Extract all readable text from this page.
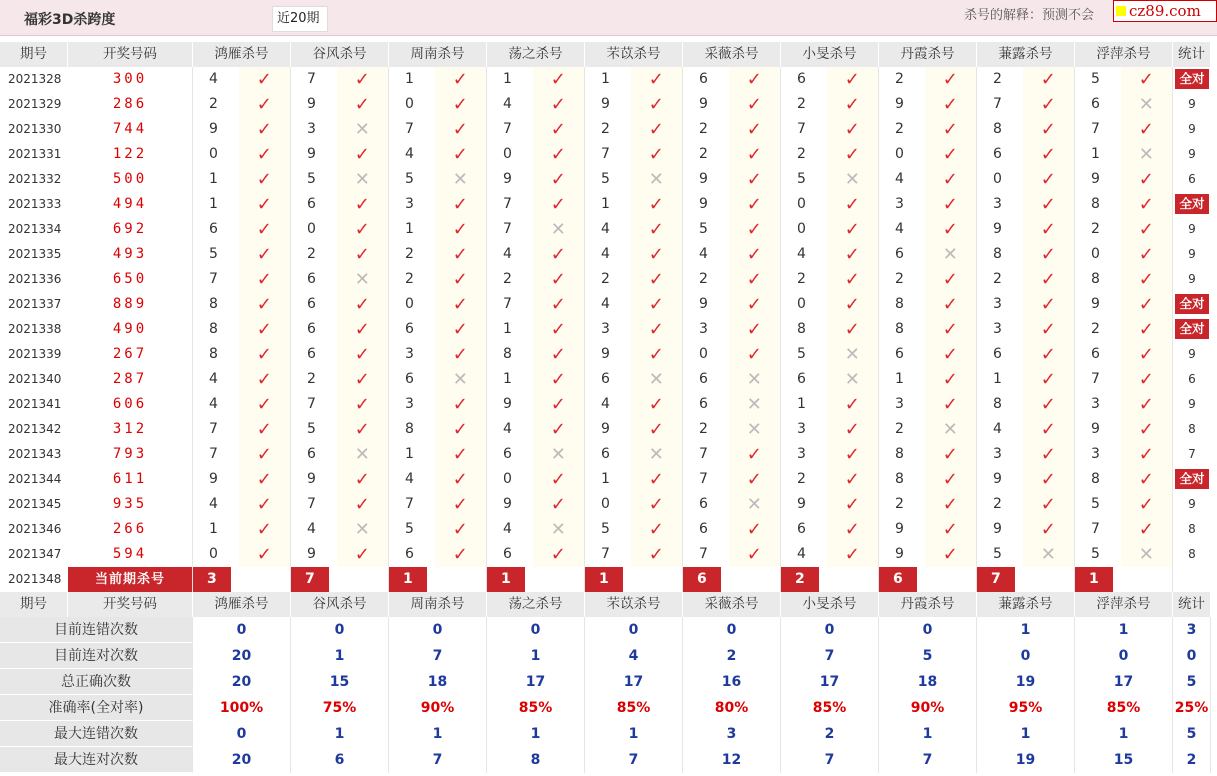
福彩3D杀跨度	近20期	杀号的解释：预测不会	cz89.com
期号	开奖号码	鸿雁杀号	谷风杀号	周南杀号	荡之杀号	芣苡杀号	采薇杀号	小旻杀号	丹霞杀号	蒹露杀号	浮萍杀号	统计
2021328	300	4	✓	7	✓	1	✓	1	✓	1	✓	6	✓	6	✓	2	✓	2	✓	5	✓	全对
2021329	286	2	✓	9	✓	0	✓	4	✓	9	✓	9	✓	2	✓	9	✓	7	✓	6	✕	9
2021330	744	9	✓	3	✕	7	✓	7	✓	2	✓	2	✓	7	✓	2	✓	8	✓	7	✓	9
2021331	122	0	✓	9	✓	4	✓	0	✓	7	✓	2	✓	2	✓	0	✓	6	✓	1	✕	9
2021332	500	1	✓	5	✕	5	✕	9	✓	5	✕	9	✓	5	✕	4	✓	0	✓	9	✓	6
2021333	494	1	✓	6	✓	3	✓	7	✓	1	✓	9	✓	0	✓	3	✓	3	✓	8	✓	全对
2021334	692	6	✓	0	✓	1	✓	7	✕	4	✓	5	✓	0	✓	4	✓	9	✓	2	✓	9
2021335	493	5	✓	2	✓	2	✓	4	✓	4	✓	4	✓	4	✓	6	✕	8	✓	0	✓	9
2021336	650	7	✓	6	✕	2	✓	2	✓	2	✓	2	✓	2	✓	2	✓	2	✓	8	✓	9
2021337	889	8	✓	6	✓	0	✓	7	✓	4	✓	9	✓	0	✓	8	✓	3	✓	9	✓	全对
2021338	490	8	✓	6	✓	6	✓	1	✓	3	✓	3	✓	8	✓	8	✓	3	✓	2	✓	全对
2021339	267	8	✓	6	✓	3	✓	8	✓	9	✓	0	✓	5	✕	6	✓	6	✓	6	✓	9
2021340	287	4	✓	2	✓	6	✕	1	✓	6	✕	6	✕	6	✕	1	✓	1	✓	7	✓	6
2021341	606	4	✓	7	✓	3	✓	9	✓	4	✓	6	✕	1	✓	3	✓	8	✓	3	✓	9
2021342	312	7	✓	5	✓	8	✓	4	✓	9	✓	2	✕	3	✓	2	✕	4	✓	9	✓	8
2021343	793	7	✓	6	✕	1	✓	6	✕	6	✕	7	✓	3	✓	8	✓	3	✓	3	✓	7
2021344	611	9	✓	9	✓	4	✓	0	✓	1	✓	7	✓	2	✓	8	✓	9	✓	8	✓	全对
2021345	935	4	✓	7	✓	7	✓	9	✓	0	✓	6	✕	9	✓	2	✓	2	✓	5	✓	9
2021346	266	1	✓	4	✕	5	✓	4	✕	5	✓	6	✓	6	✓	9	✓	9	✓	7	✓	8
2021347	594	0	✓	9	✓	6	✓	6	✓	7	✓	7	✓	4	✓	9	✓	5	✕	5	✕	8
2021348	当前期杀号	3	7	1	1	1	6	2	6	7	1
期号	开奖号码	鸿雁杀号	谷风杀号	周南杀号	荡之杀号	芣苡杀号	采薇杀号	小旻杀号	丹霞杀号	蒹露杀号	浮萍杀号	统计
目前连错次数	0	0	0	0	0	0	0	0	1	1	3
目前连对次数	20	1	7	1	4	2	7	5	0	0	0
总正确次数	20	15	18	17	17	16	17	18	19	17	5
准确率(全对率)	100%	75%	90%	85%	85%	80%	85%	90%	95%	85%	25%
最大连错次数	0	1	1	1	1	3	2	1	1	1	5
最大连对次数	20	6	7	8	7	12	7	7	19	15	2
